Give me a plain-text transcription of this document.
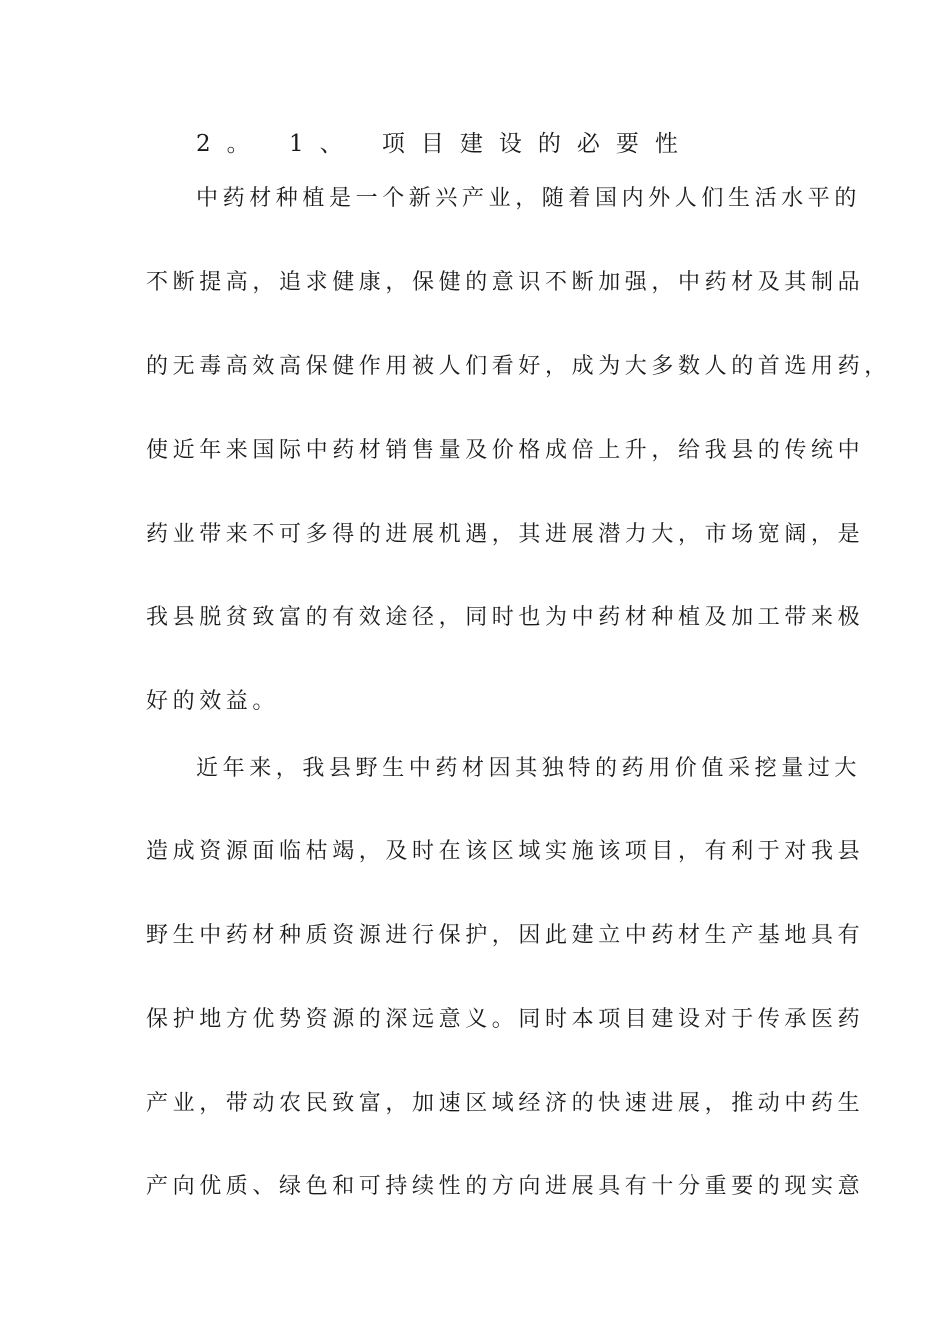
2。 1、 项目建设的必要性
中药材种植是一个新兴产业，随着国内外人们生活水平的
不断提高，追求健康，保健的意识不断加强，中药材及其制品
的无毒高效高保健作用被人们看好，成为大多数人的首选用药，
使近年来国际中药材销售量及价格成倍上升，给我县的传统中
药业带来不可多得的进展机遇，其进展潜力大，市场宽阔，是
我县脱贫致富的有效途径，同时也为中药材种植及加工带来极
好的效益。
近年来，我县野生中药材因其独特的药用价值采挖量过大
造成资源面临枯竭，及时在该区域实施该项目，有利于对我县
野生中药材种质资源进行保护，因此建立中药材生产基地具有
保护地方优势资源的深远意义。同时本项目建设对于传承医药
产业，带动农民致富，加速区域经济的快速进展，推动中药生
产向优质、绿色和可持续性的方向进展具有十分重要的现实意
